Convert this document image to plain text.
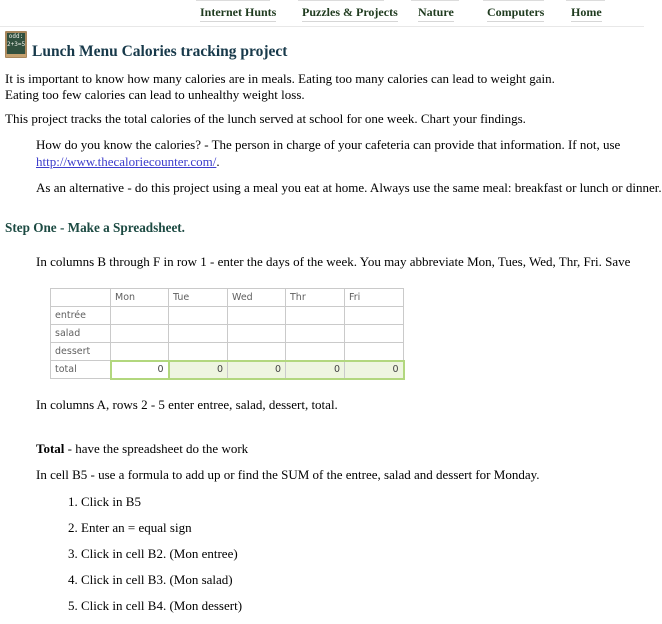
Internet Hunts Puzzles & Projects Nature	Computers Home
odd:
2+3=5 Lunch Menu Calories tracking project
It is important to know how many calories are in meals. Eating too many calories can lead to weight gain.
Eating too few calories can lead to unhealthy weight loss.
This project tracks the total calories of the lunch served at school for one week. Chart your findings.
How do you know the calories? - The person in charge of your cafeteria can provide that information. If not, use
http://www.thecaloriecounter.com/.
As an alternative - do this project using a meal you eat at home. Always use the same meal: breakfast or lunch or dinner.
Step One - Make a Spreadsheet.
In columns B through F in row 1 - enter the days of the week. You may abbreviate Mon, Tues, Wed, Thr, Fri. Save
	Mon	Tue	Wed	Thr	Fri
entrée					
salad					
dessert					
total	0	0	0	0	0
In columns A, rows 2 - 5 enter entree, salad, dessert, total.
Total - have the spreadsheet do the work
In cell B5 - use a formula to add up or find the SUM of the entree, salad and dessert for Monday.
1. Click in B5
2. Enter an = equal sign
3. Click in cell B2. (Mon entree)
4. Click in cell B3. (Mon salad)
5. Click in cell B4. (Mon dessert)
